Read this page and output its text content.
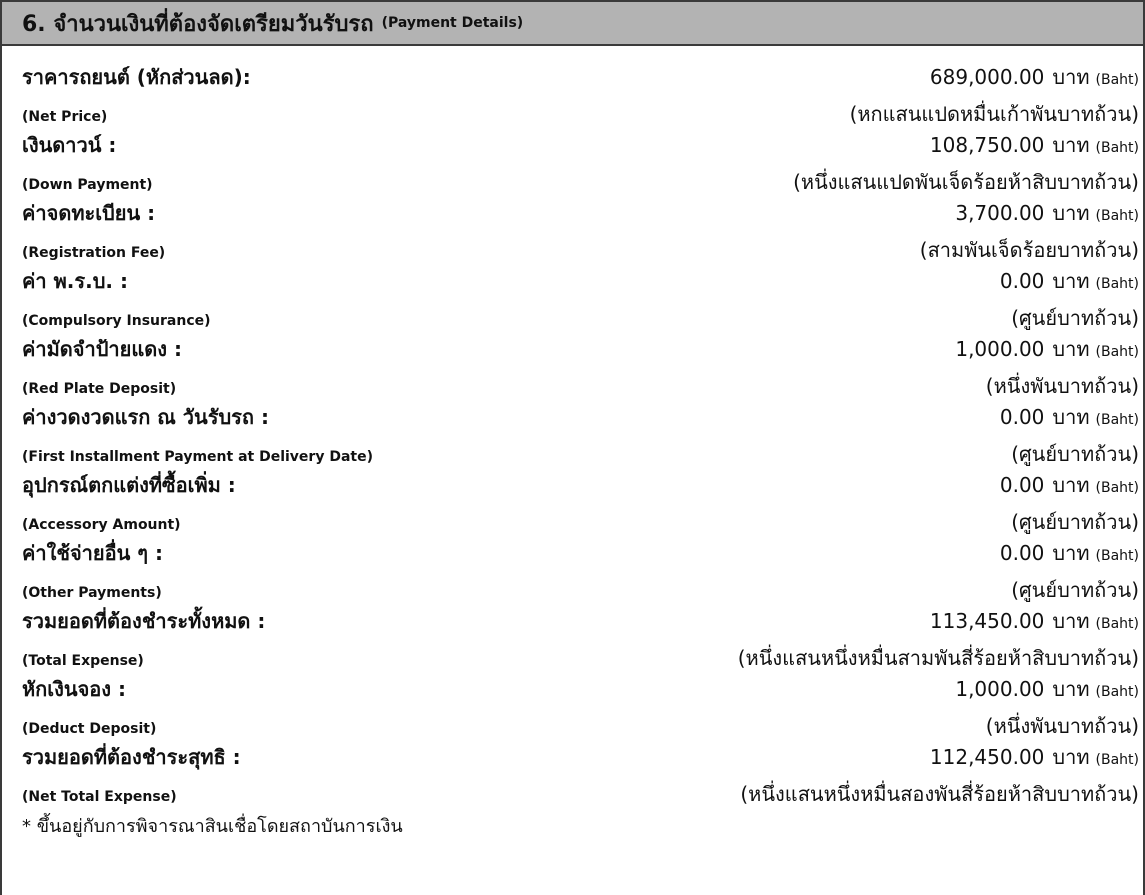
6. จำนวนเงินที่ต้องจัดเตรียมวันรับรถ (Payment Details)
ราคารถยนต์ (หักส่วนลด):	689,000.00 บาท (Baht)
(Net Price)	(หกแสนแปดหมื่นเก้าพันบาทถ้วน)
เงินดาวน์ :	108,750.00 บาท (Baht)
(Down Payment)	(หนึ่งแสนแปดพันเจ็ดร้อยห้าสิบบาทถ้วน)
ค่าจดทะเบียน :	3,700.00 บาท (Baht)
(Registration Fee)	(สามพันเจ็ดร้อยบาทถ้วน)
ค่า พ.ร.บ. :	0.00 บาท (Baht)
(Compulsory Insurance)	(ศูนย์บาทถ้วน)
ค่ามัดจำป้ายแดง :	1,000.00 บาท (Baht)
(Red Plate Deposit)	(หนึ่งพันบาทถ้วน)
ค่างวดงวดแรก ณ วันรับรถ :	0.00 บาท (Baht)
(First Installment Payment at Delivery Date)	(ศูนย์บาทถ้วน)
อุปกรณ์ตกแต่งที่ซื้อเพิ่ม :	0.00 บาท (Baht)
(Accessory Amount)	(ศูนย์บาทถ้วน)
ค่าใช้จ่ายอื่น ๆ :	0.00 บาท (Baht)
(Other Payments)	(ศูนย์บาทถ้วน)
รวมยอดที่ต้องชำระทั้งหมด :	113,450.00 บาท (Baht)
(Total Expense)	(หนึ่งแสนหนึ่งหมื่นสามพันสี่ร้อยห้าสิบบาทถ้วน)
หักเงินจอง :	1,000.00 บาท (Baht)
(Deduct Deposit)	(หนึ่งพันบาทถ้วน)
รวมยอดที่ต้องชำระสุทธิ :	112,450.00 บาท (Baht)
(Net Total Expense)	(หนึ่งแสนหนึ่งหมื่นสองพันสี่ร้อยห้าสิบบาทถ้วน)
* ขึ้นอยู่กับการพิจารณาสินเชื่อโดยสถาบันการเงิน
